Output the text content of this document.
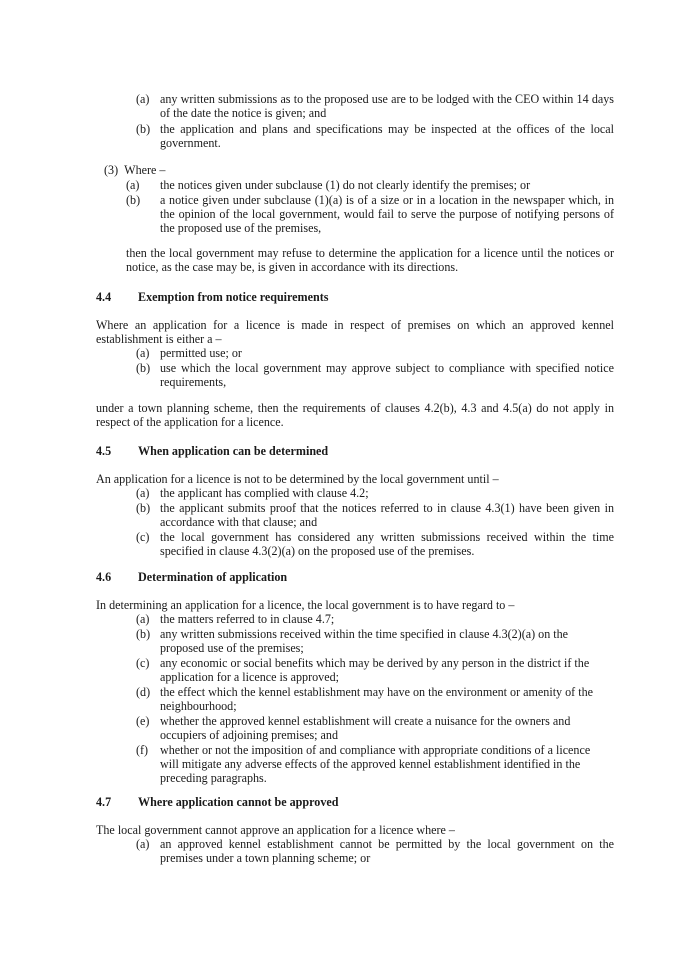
(a) any written submissions as to the proposed use are to be lodged with the CEO within 14 days of the date the notice is given; and
(b) the application and plans and specifications may be inspected at the offices of the local government.
(3) Where –
(a) the notices given under subclause (1) do not clearly identify the premises; or
(b) a notice given under subclause (1)(a) is of a size or in a location in the newspaper which, in the opinion of the local government, would fail to serve the purpose of notifying persons of the proposed use of the premises,
then the local government may refuse to determine the application for a licence until the notices or notice, as the case may be, is given in accordance with its directions.
4.4 Exemption from notice requirements
Where an application for a licence is made in respect of premises on which an approved kennel establishment is either a –
(a) permitted use; or
(b) use which the local government may approve subject to compliance with specified notice requirements,
under a town planning scheme, then the requirements of clauses 4.2(b), 4.3 and 4.5(a) do not apply in respect of the application for a licence.
4.5 When application can be determined
An application for a licence is not to be determined by the local government until –
(a) the applicant has complied with clause 4.2;
(b) the applicant submits proof that the notices referred to in clause 4.3(1) have been given in accordance with that clause; and
(c) the local government has considered any written submissions received within the time specified in clause 4.3(2)(a) on the proposed use of the premises.
4.6 Determination of application
In determining an application for a licence, the local government is to have regard to –
(a) the matters referred to in clause 4.7;
(b) any written submissions received within the time specified in clause 4.3(2)(a) on the proposed use of the premises;
(c) any economic or social benefits which may be derived by any person in the district if the application for a licence is approved;
(d) the effect which the kennel establishment may have on the environment or amenity of the neighbourhood;
(e) whether the approved kennel establishment will create a nuisance for the owners and occupiers of adjoining premises; and
(f) whether or not the imposition of and compliance with appropriate conditions of a licence will mitigate any adverse effects of the approved kennel establishment identified in the preceding paragraphs.
4.7 Where application cannot be approved
The local government cannot approve an application for a licence where –
(a) an approved kennel establishment cannot be permitted by the local government on the premises under a town planning scheme; or
